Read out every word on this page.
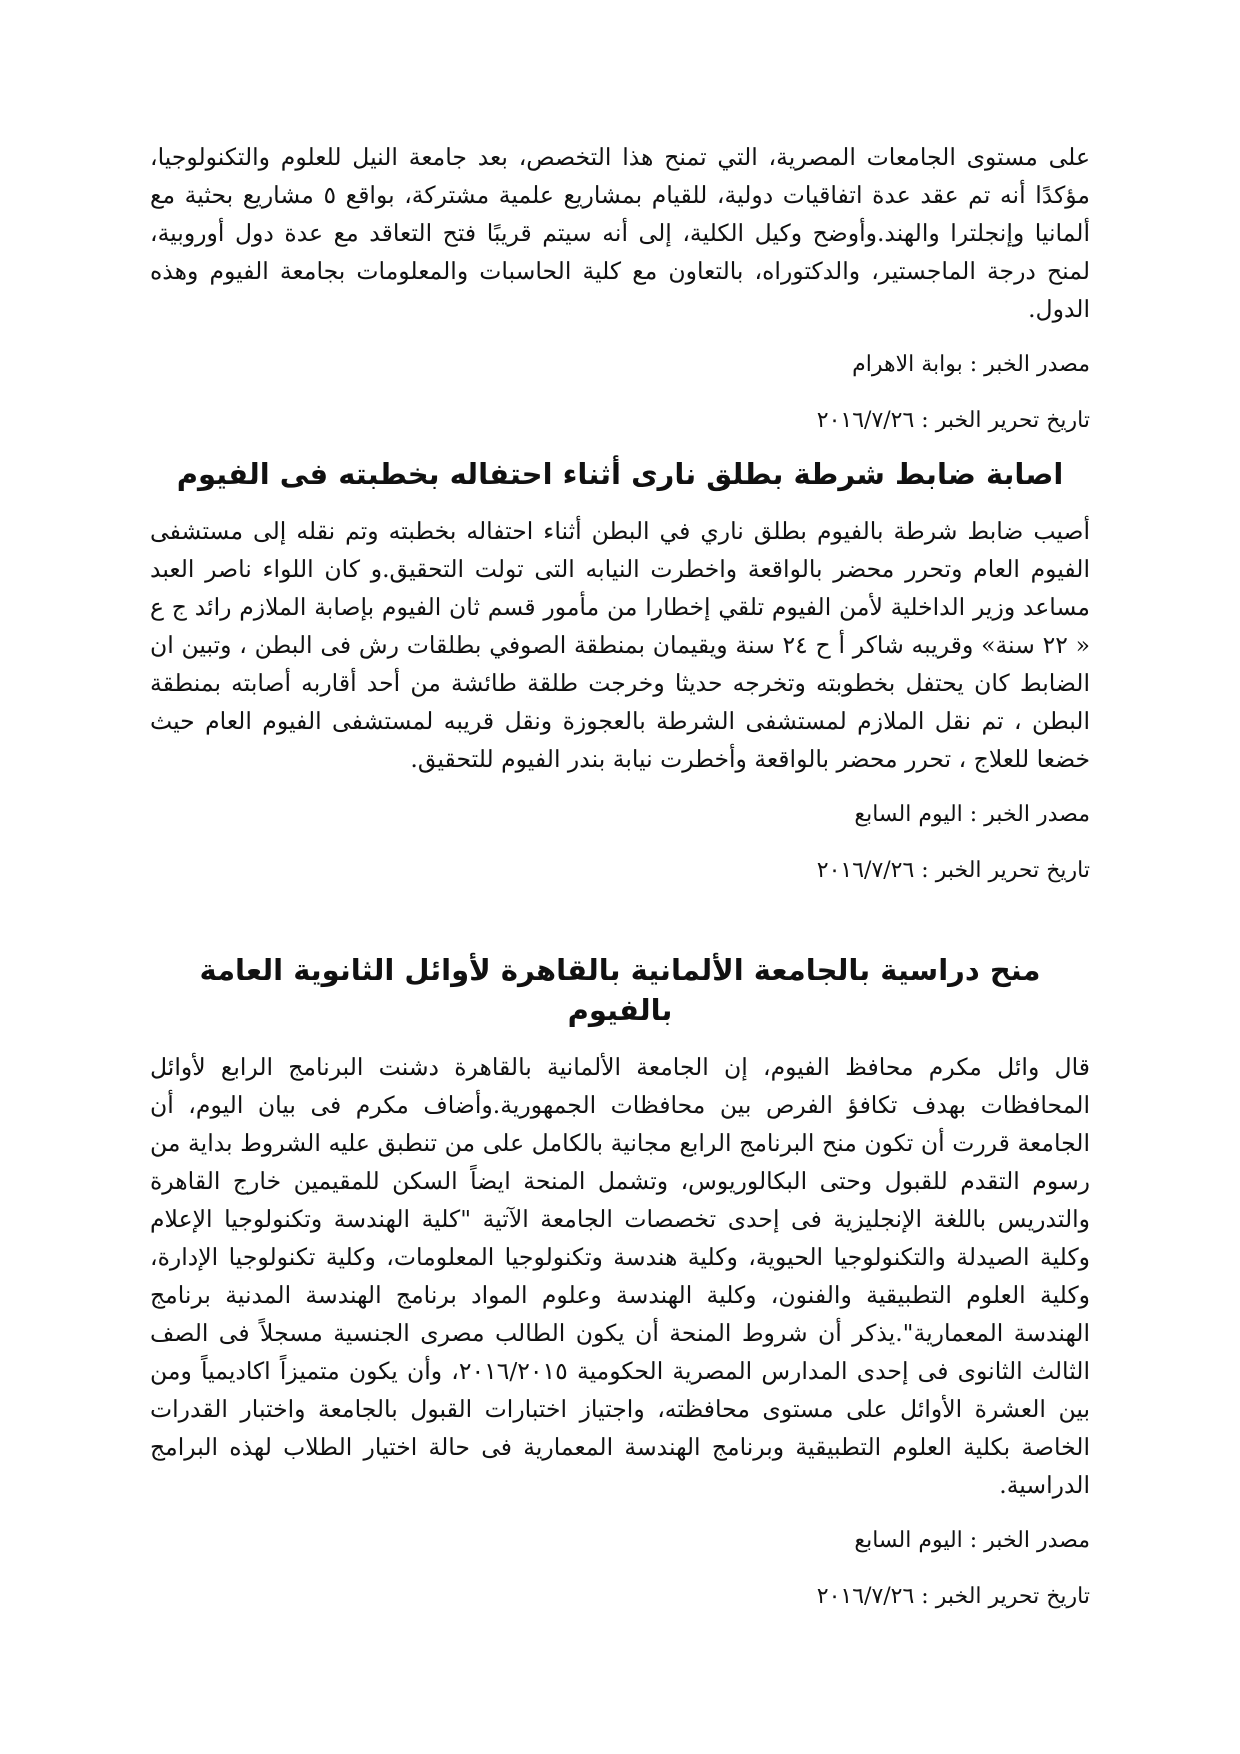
على مستوى الجامعات المصرية، التي تمنح هذا التخصص، بعد جامعة النيل للعلوم والتكنولوجيا، مؤكدًا أنه تم عقد عدة اتفاقيات دولية، للقيام بمشاريع علمية مشتركة، بواقع ٥ مشاريع بحثية مع ألمانيا وإنجلترا والهند.وأوضح وكيل الكلية، إلى أنه سيتم قريبًا فتح التعاقد مع عدة دول أوروبية، لمنح درجة الماجستير، والدكتوراه، بالتعاون مع كلية الحاسبات والمعلومات بجامعة الفيوم وهذه الدول.

مصدر الخبر : بوابة الاهرام

تاريخ تحرير الخبر : ٢٠١٦/٧/٢٦

اصابة ضابط شرطة بطلق نارى أثناء احتفاله بخطبته فى الفيوم

أصيب ضابط شرطة بالفيوم بطلق ناري في البطن أثناء احتفاله بخطبته وتم نقله إلى مستشفى الفيوم العام وتحرر محضر بالواقعة واخطرت النيابه التى تولت التحقيق.و كان اللواء ناصر العبد مساعد وزير الداخلية لأمن الفيوم تلقي إخطارا من مأمور قسم ثان الفيوم بإصابة الملازم رائد ج ع « ٢٢ سنة» وقريبه شاكر أ ح ٢٤ سنة ويقيمان بمنطقة الصوفي بطلقات رش فى البطن ، وتبين ان الضابط كان يحتفل بخطوبته وتخرجه حديثا وخرجت طلقة طائشة من أحد أقاربه أصابته بمنطقة البطن ، تم نقل الملازم لمستشفى الشرطة بالعجوزة ونقل قريبه لمستشفى الفيوم العام حيث خضعا للعلاج ، تحرر محضر بالواقعة وأخطرت نيابة بندر الفيوم للتحقيق.

مصدر الخبر : اليوم السابع

تاريخ تحرير الخبر : ٢٠١٦/٧/٢٦

منح دراسية بالجامعة الألمانية بالقاهرة لأوائل الثانوية العامة بالفيوم

قال وائل مكرم محافظ الفيوم، إن الجامعة الألمانية بالقاهرة دشنت البرنامج الرابع لأوائل المحافظات بهدف تكافؤ الفرص بين محافظات الجمهورية.وأضاف مكرم فى بيان اليوم، أن الجامعة قررت أن تكون منح البرنامج الرابع مجانية بالكامل على من تنطبق عليه الشروط بداية من رسوم التقدم للقبول وحتى البكالوريوس، وتشمل المنحة ايضاً السكن للمقيمين خارج القاهرة والتدريس باللغة الإنجليزية فى إحدى تخصصات الجامعة الآتية "كلية الهندسة وتكنولوجيا الإعلام وكلية الصيدلة والتكنولوجيا الحيوية، وكلية هندسة وتكنولوجيا المعلومات، وكلية تكنولوجيا الإدارة، وكلية العلوم التطبيقية والفنون، وكلية الهندسة وعلوم المواد برنامج الهندسة المدنية برنامج الهندسة المعمارية".يذكر أن شروط المنحة أن يكون الطالب مصرى الجنسية مسجلاً فى الصف الثالث الثانوى فى إحدى المدارس المصرية الحكومية ٢٠١٦/٢٠١٥، وأن يكون متميزاً اكاديمياً ومن بين العشرة الأوائل على مستوى محافظته، واجتياز اختبارات القبول بالجامعة واختبار القدرات الخاصة بكلية العلوم التطبيقية وبرنامج الهندسة المعمارية فى حالة اختيار الطلاب لهذه البرامج الدراسية.

مصدر الخبر : اليوم السابع

تاريخ تحرير الخبر : ٢٠١٦/٧/٢٦
